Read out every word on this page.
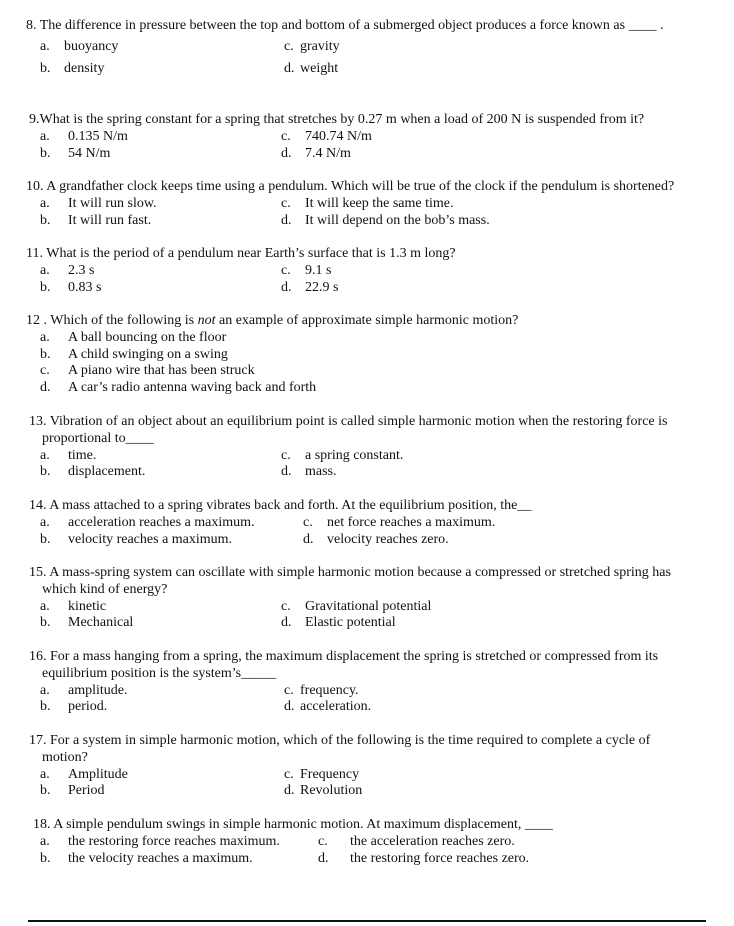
8. The difference in pressure between the top and bottom of a submerged object produces a force known as ____ .
a. buoyancy
b. density
c. gravity
d. weight
9.What is the spring constant for a spring that stretches by 0.27 m when a load of 200 N is suspended from it?
a. 0.135 N/m
b. 54 N/m
c. 740.74 N/m
d. 7.4 N/m
10. A grandfather clock keeps time using a pendulum. Which will be true of the clock if the pendulum is shortened?
a. It will run slow.
b. It will run fast.
c. It will keep the same time.
d. It will depend on the bob’s mass.
11. What is the period of a pendulum near Earth’s surface that is 1.3 m long?
a. 2.3 s
b. 0.83 s
c. 9.1 s
d. 22.9 s
12 . Which of the following is not an example of approximate simple harmonic motion?
a. A ball bouncing on the floor
b. A child swinging on a swing
c. A piano wire that has been struck
d. A car’s radio antenna waving back and forth
13. Vibration of an object about an equilibrium point is called simple harmonic motion when the restoring force is
proportional to____
a. time.
b. displacement.
c. a spring constant.
d. mass.
14. A mass attached to a spring vibrates back and forth. At the equilibrium position, the__
a. acceleration reaches a maximum.
b. velocity reaches a maximum.
c. net force reaches a maximum.
d. velocity reaches zero.
15. A mass-spring system can oscillate with simple harmonic motion because a compressed or stretched spring has
which kind of energy?
a. kinetic
b. Mechanical
c. Gravitational potential
d. Elastic potential
16. For a mass hanging from a spring, the maximum displacement the spring is stretched or compressed from its
equilibrium position is the system’s_____
a. amplitude.
b. period.
c. frequency.
d. acceleration.
17. For a system in simple harmonic motion, which of the following is the time required to complete a cycle of
motion?
a. Amplitude
b. Period
c. Frequency
d. Revolution
18. A simple pendulum swings in simple harmonic motion. At maximum displacement, ____
a. the restoring force reaches maximum.
b. the velocity reaches a maximum.
c. the acceleration reaches zero.
d. the restoring force reaches zero.
